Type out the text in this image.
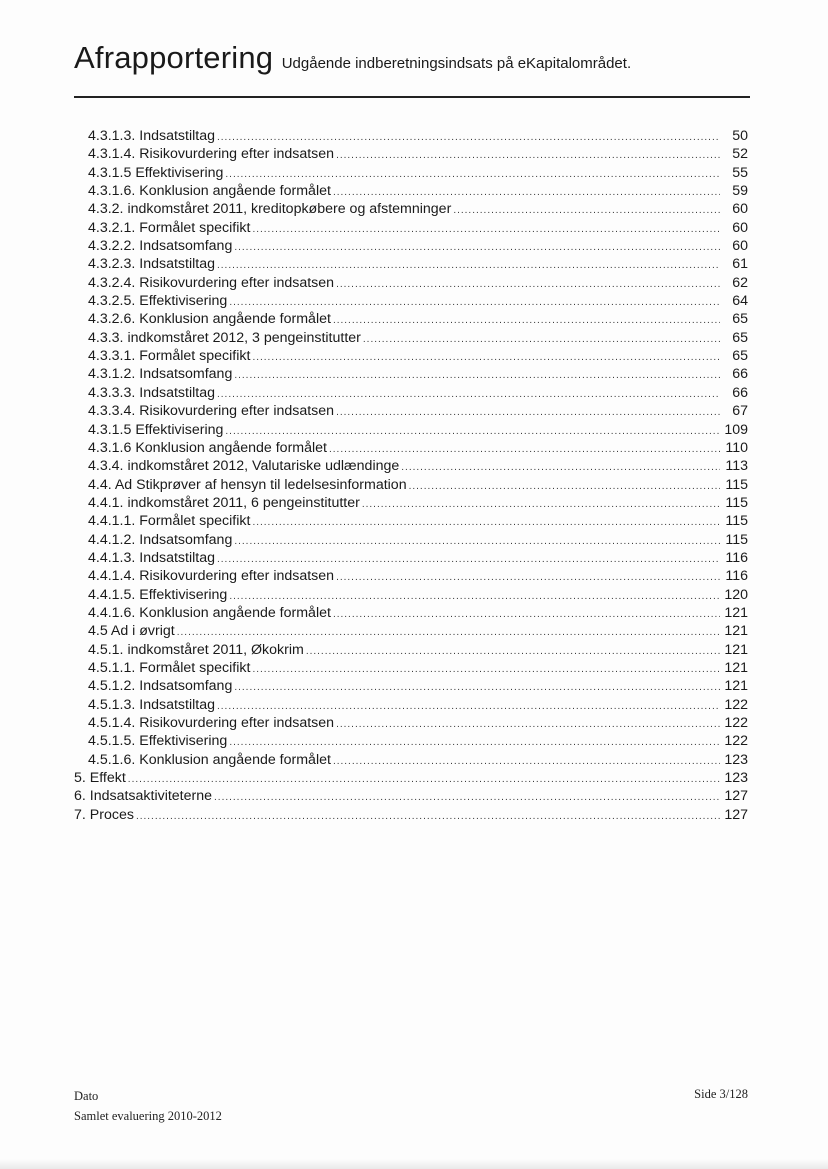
Afrapportering Udgående indberetningsindsats på eKapitalområdet.
4.3.1.3. Indsatstiltag .....	50
4.3.1.4. Risikovurdering efter indsatsen .....	52
4.3.1.5 Effektivisering .....	55
4.3.1.6. Konklusion angående formålet .....	59
4.3.2. indkomståret 2011, kreditopkøbere og afstemninger .....	60
4.3.2.1. Formålet specifikt .....	60
4.3.2.2. Indsatsomfang .....	60
4.3.2.3. Indsatstiltag .....	61
4.3.2.4. Risikovurdering efter indsatsen .....	62
4.3.2.5. Effektivisering .....	64
4.3.2.6. Konklusion angående formålet .....	65
4.3.3. indkomståret 2012, 3 pengeinstitutter .....	65
4.3.3.1. Formålet specifikt .....	65
4.3.1.2. Indsatsomfang .....	66
4.3.3.3. Indsatstiltag .....	66
4.3.3.4. Risikovurdering efter indsatsen .....	67
4.3.1.5 Effektivisering .....	109
4.3.1.6 Konklusion angående formålet .....	110
4.3.4. indkomståret 2012, Valutariske udlændinge .....	113
4.4. Ad Stikprøver af hensyn til ledelsesinformation .....	115
4.4.1. indkomståret 2011, 6 pengeinstitutter .....	115
4.4.1.1. Formålet specifikt .....	115
4.4.1.2. Indsatsomfang .....	115
4.4.1.3. Indsatstiltag .....	116
4.4.1.4. Risikovurdering efter indsatsen .....	116
4.4.1.5. Effektivisering .....	120
4.4.1.6. Konklusion angående formålet .....	121
4.5 Ad i øvrigt .....	121
4.5.1. indkomståret 2011, Økokrim .....	121
4.5.1.1. Formålet specifikt .....	121
4.5.1.2. Indsatsomfang .....	121
4.5.1.3. Indsatstiltag .....	122
4.5.1.4. Risikovurdering efter indsatsen .....	122
4.5.1.5. Effektivisering .....	122
4.5.1.6. Konklusion angående formålet .....	123
5. Effekt .....	123
6. Indsatsaktiviteterne .....	127
7. Proces .....	127
Dato
Samlet evaluering 2010-2012
Side 3/128
